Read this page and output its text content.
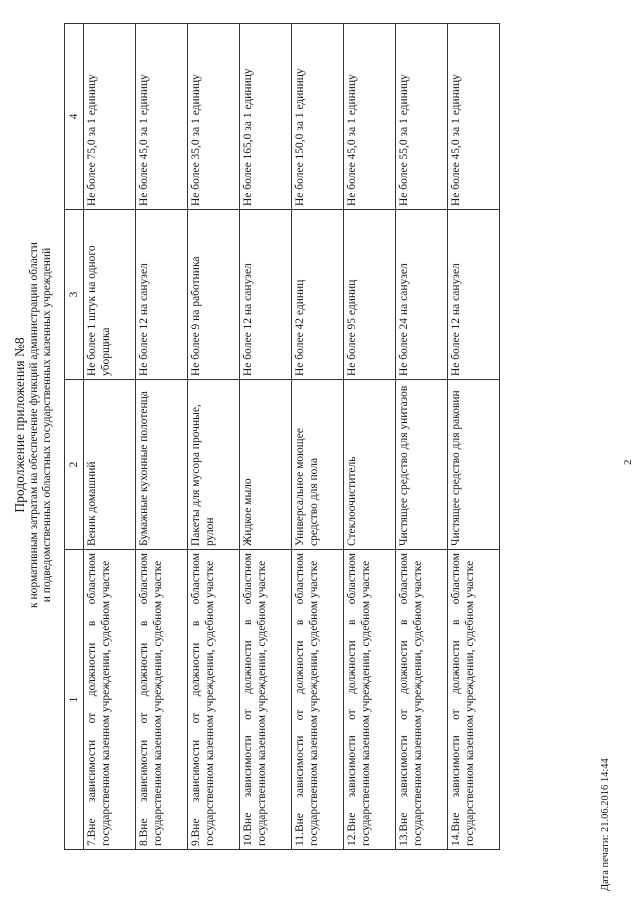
2
Продолжение приложения №8 к нормативным затратам на обеспечение функций администрации области и подведомственных областных государственных казенных учреждений
1	2	3	4
7.Вне зависимости от должности в областном государственном казенном учреждении, судебном участке	Веник домашний	Не более 1 штук на одного уборщика	Не более 75,0 за 1 единицу
8.Вне зависимости от должности в областном государственном казенном учреждении, судебном участке	Бумажные кухонные полотенца	Не более 12 на санузел	Не более 45,0 за 1 единицу
9.Вне зависимости от должности в областном государственном казенном учреждении, судебном участке	Пакеты для мусора прочные, рулон	Не более 9 на работника	Не более 35,0 за 1 единицу
10.Вне зависимости от должности в областном государственном казенном учреждении, судебном участке	Жидкое мыло	Не более 12 на санузел	Не более 165,0 за 1 единицу
11.Вне зависимости от должности в областном государственном казенном учреждении, судебном участке	Универсальное моющее средство для пола	Не более 42 единиц	Не более 150,0 за 1 единицу
12.Вне зависимости от должности в областном государственном казенном учреждении, судебном участке	Стеклоочиститель	Не более 95 единиц	Не более 45,0 за 1 единицу
13.Вне зависимости от должности в областном государственном казенном учреждении, судебном участке	Чистящее средство для унитазов	Не более 24 на санузел	Не более 55,0 за 1 единицу
14.Вне зависимости от должности в областном государственном казенном учреждении, судебном участке	Чистящее средство для раковин	Не более 12 на санузел	Не более 45,0 за 1 единицу
Дата печати: 21.06.2016 14:44
